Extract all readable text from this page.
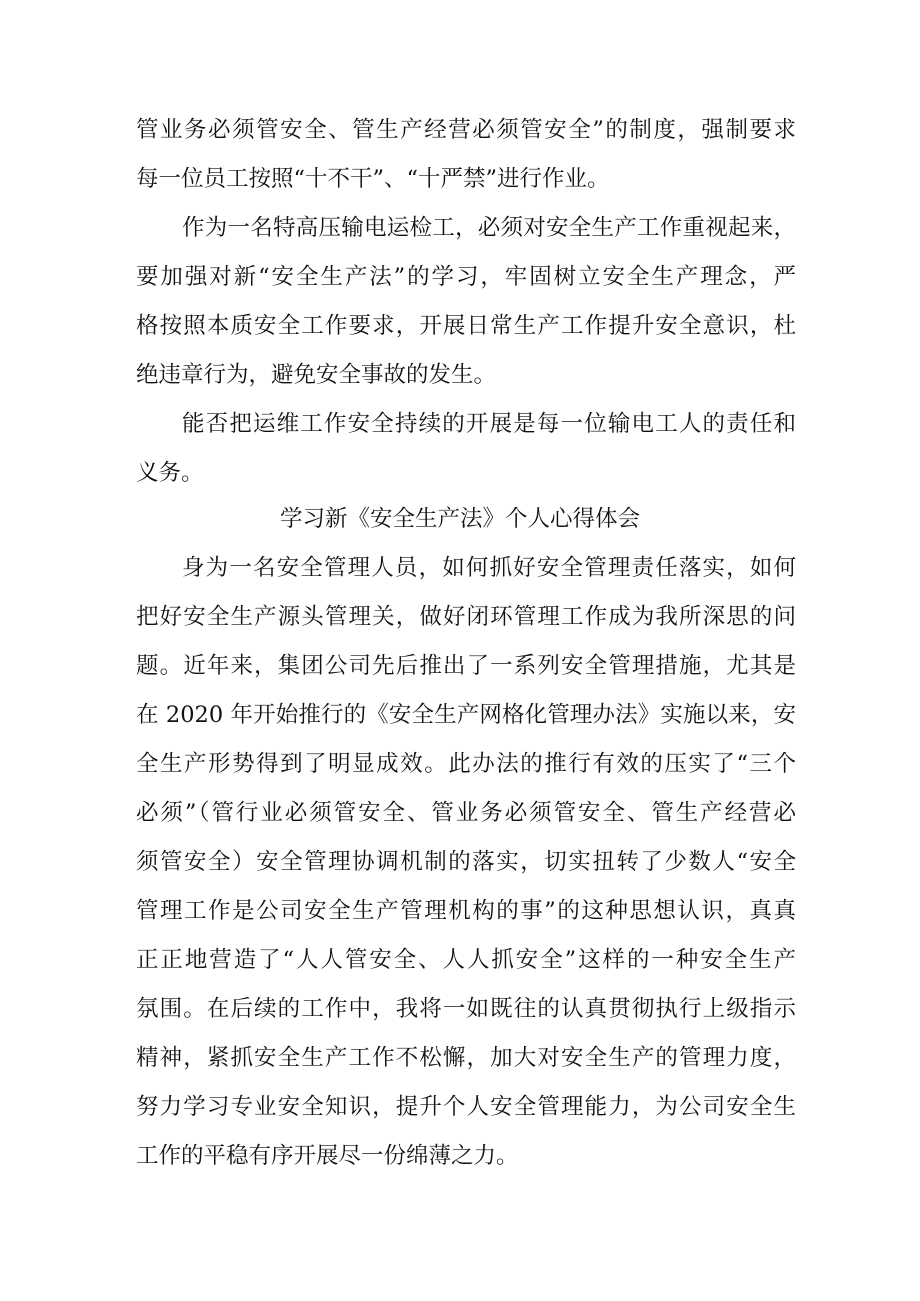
管业务必须管安全、管生产经营必须管安全”的制度，强制要求
每一位员工按照“十不干”、“十严禁”进行作业。
作为一名特高压输电运检工，必须对安全生产工作重视起来，
要加强对新“安全生产法”的学习，牢固树立安全生产理念，严
格按照本质安全工作要求，开展日常生产工作提升安全意识，杜
绝违章行为，避免安全事故的发生。
能否把运维工作安全持续的开展是每一位输电工人的责任和
义务。
学习新《安全生产法》个人心得体会
身为一名安全管理人员，如何抓好安全管理责任落实，如何
把好安全生产源头管理关，做好闭环管理工作成为我所深思的问
题。近年来，集团公司先后推出了一系列安全管理措施，尤其是
在 2020 年开始推行的《安全生产网格化管理办法》实施以来，安
全生产形势得到了明显成效。此办法的推行有效的压实了“三个
必须”（管行业必须管安全、管业务必须管安全、管生产经营必
须管安全）安全管理协调机制的落实，切实扭转了少数人“安全
管理工作是公司安全生产管理机构的事”的这种思想认识，真真
正正地营造了“人人管安全、人人抓安全”这样的一种安全生产
氛围。在后续的工作中，我将一如既往的认真贯彻执行上级指示
精神，紧抓安全生产工作不松懈，加大对安全生产的管理力度，
努力学习专业安全知识，提升个人安全管理能力，为公司安全生
工作的平稳有序开展尽一份绵薄之力。
